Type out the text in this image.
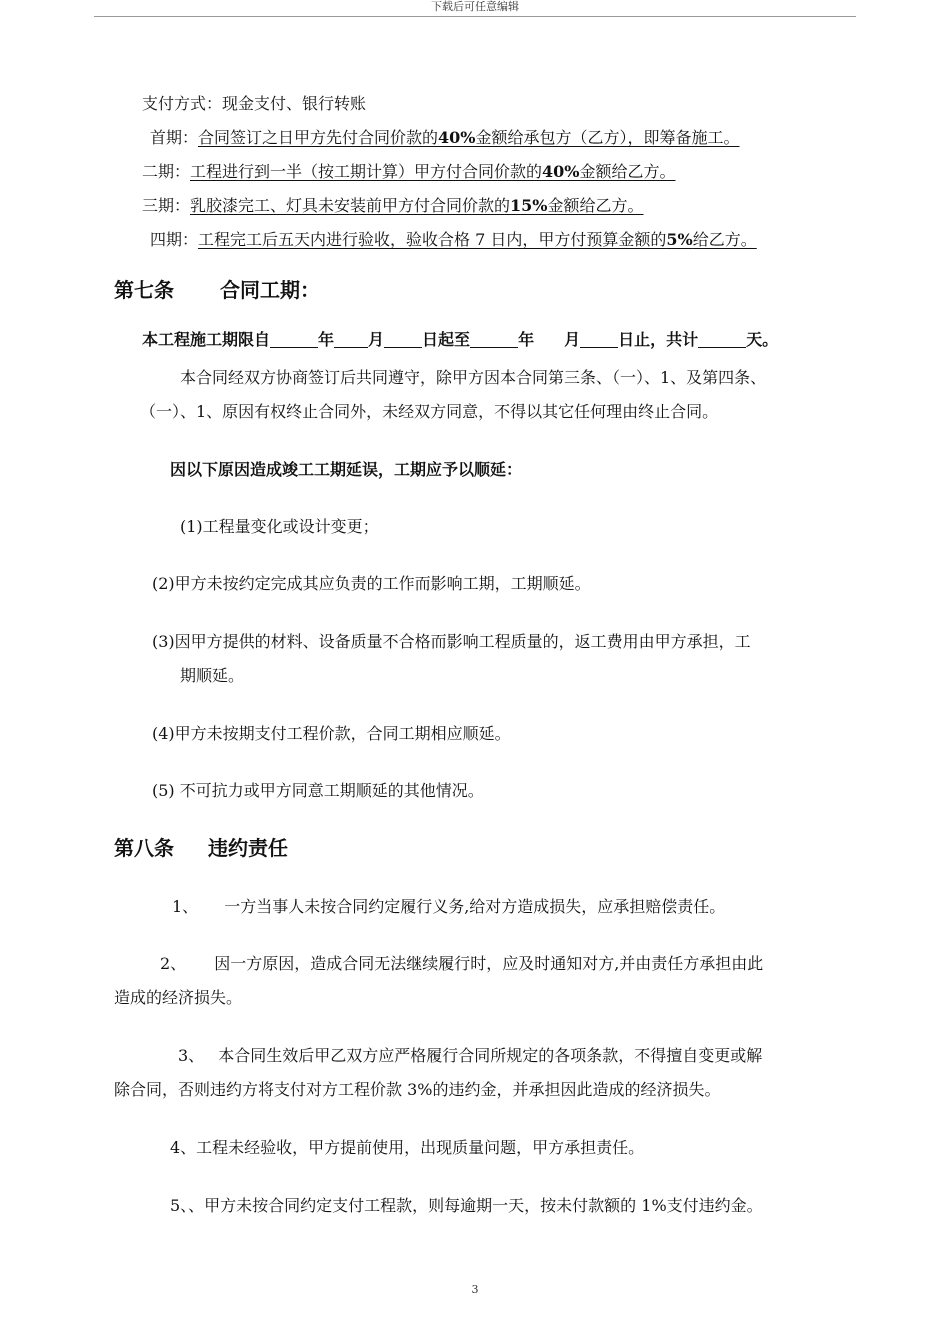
下载后可任意编辑
支付方式：现金支付、银行转账
首期：合同签订之日甲方先付合同价款的40%金额给承包方（乙方），即筹备施工。
二期：工程进行到一半（按工期计算）甲方付合同价款的40%金额给乙方。
三期：乳胶漆完工、灯具未安装前甲方付合同价款的15%金额给乙方。
四期：工程完工后五天内进行验收，验收合格 7 日内，甲方付预算金额的5%给乙方。
第七条 合同工期：
本工程施工期限自	年 月 日起至	年 月 日止，共计	天。
本合同经双方协商签订后共同遵守，除甲方因本合同第三条、（一）、1、及第四条、
（一）、1、原因有权终止合同外，未经双方同意，不得以其它任何理由终止合同。
因以下原因造成竣工工期延误，工期应予以顺延：
(1)工程量变化或设计变更；
(2)甲方未按约定完成其应负责的工作而影响工期，工期顺延。
(3)因甲方提供的材料、设备质量不合格而影响工程质量的，返工费用由甲方承担，工
期顺延。
(4)甲方未按期支付工程价款，合同工期相应顺延。
(5) 不可抗力或甲方同意工期顺延的其他情况。
第八条 违约责任
1、 一方当事人未按合同约定履行义务,给对方造成损失，应承担赔偿责任。
2、 因一方原因，造成合同无法继续履行时，应及时通知对方,并由责任方承担由此
造成的经济损失。
3、 本合同生效后甲乙双方应严格履行合同所规定的各项条款，不得擅自变更或解
除合同，否则违约方将支付对方工程价款 3%的违约金，并承担因此造成的经济损失。
4、工程未经验收，甲方提前使用，出现质量问题，甲方承担责任。
5、、甲方未按合同约定支付工程款，则每逾期一天，按未付款额的 1%支付违约金。
3
